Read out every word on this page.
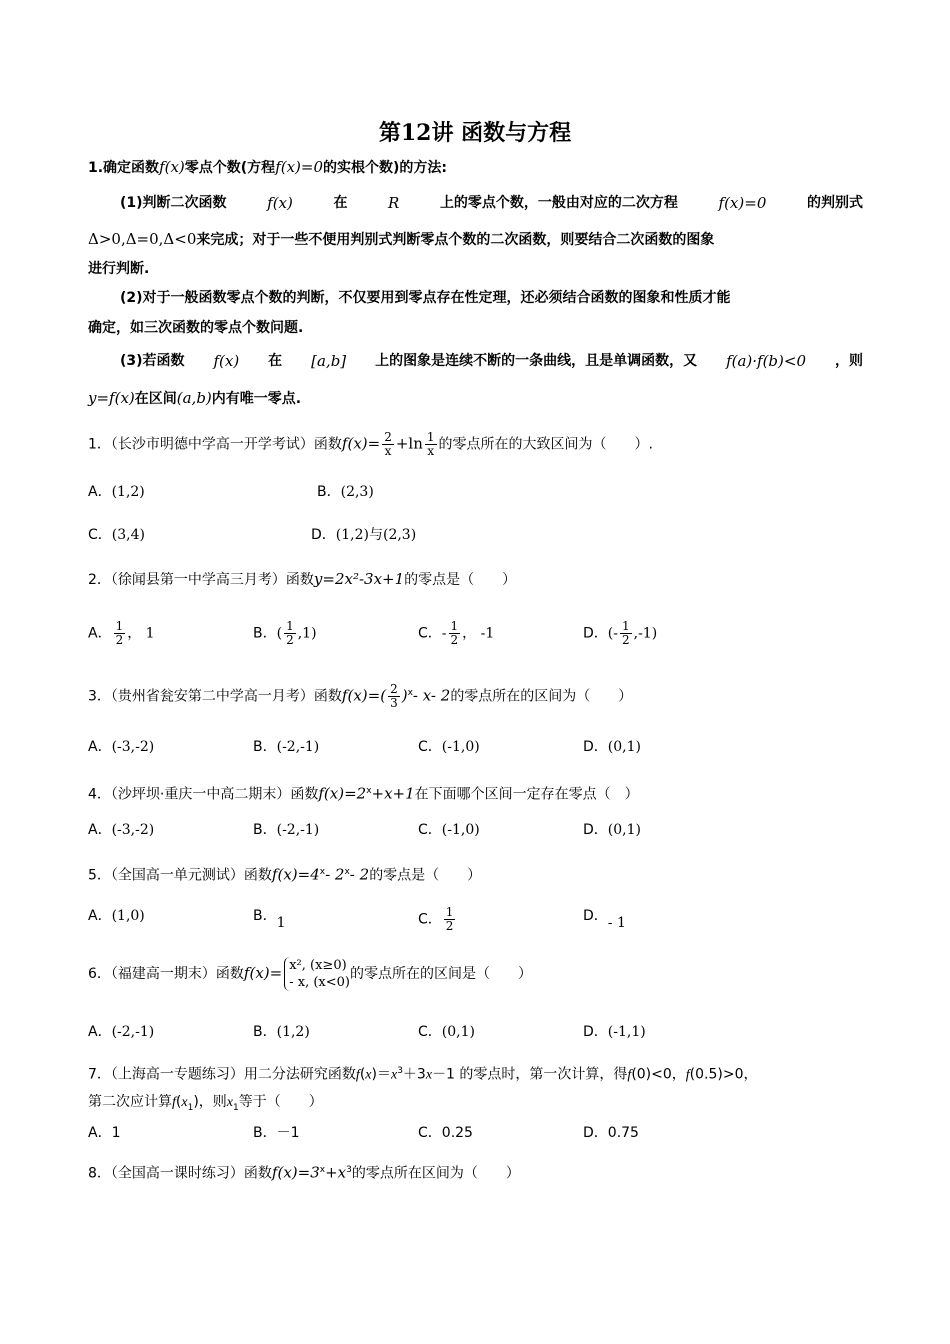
第12讲 函数与方程
1.确定函数f(x)零点个数(方程f(x)=0的实根个数)的方法:
(1)判断二次函数	f(x)	在	R	上的零点个数，一般由对应的二次方程	f(x)=0	的判别式
Δ>0,Δ=0,Δ<0来完成；对于一些不便用判别式判断零点个数的二次函数，则要结合二次函数的图象
进行判断.
(2)对于一般函数零点个数的判断，不仅要用到零点存在性定理，还必须结合函数的图象和性质才能
确定，如三次函数的零点个数问题.
(3)若函数 f(x) 在 [a,b] 上的图象是连续不断的一条曲线，且是单调函数，又 f(a)·f(b)<0 ，则
y=f(x)在区间(a,b)内有唯一零点.
1．（长沙市明德中学高一开学考试）函数$f(x)= \frac{2}{x} +\ln \frac{1}{x}$ 的零点所在的大致区间为（　　）.
A．(1,2)	B．(2,3)
C．(3,4)	D．(1,2)与(2,3)
2．（徐闻县第一中学高三月考）函数y=2x²-3x+1的零点是（　　）
A． $\frac{1}{2}$ ， 1	B．( $\frac{1}{2} ,1$)	C．- $\frac{1}{2}$ ， -1	D．(- $\frac{1}{2} ,-1$)
3．（贵州省瓮安第二中学高一月考）函数$f(x)=( \frac{2}{3} )^x-$ x- 2的零点所在的区间为（　　）
A．(-3,-2)	B．(-2,-1)	C．(-1,0)	D．(0,1)
4．（沙坪坝·重庆一中高二期末）函数$f(x)=2^x+x+1$在下面哪个区间一定存在零点（　）
A．(-3,-2)	B．(-2,-1)	C．(-1,0)	D．(0,1)
5．（全国高一单元测试）函数$f(x)=4^x-$ 2$^x$- 2的零点是（　　）
A．(1,0)	B．1	C． $\frac{1}{2}$	D．- 1
6．（福建高一期末）函数f(x)= x², (x≥0)
- x, (x<0)
的零点所在的区间是（　　）
A．(-2,-1)	B．(1,2)	C．(0,1)	D．(-1,1)
7．（上海高一专题练习）用二分法研究函数$f(x)=x^3+3x-1$ 的零点时，第一次计算，得f(0)<0，f(0.5)>0，
第二次应计算$f(x_1)$，则$x_1$等于（　　）
A．1	B．－1	C．0.25	D．0.75
8．（全国高一课时练习）函数$f(x)=3^x+x^3$的零点所在区间为（　　）
